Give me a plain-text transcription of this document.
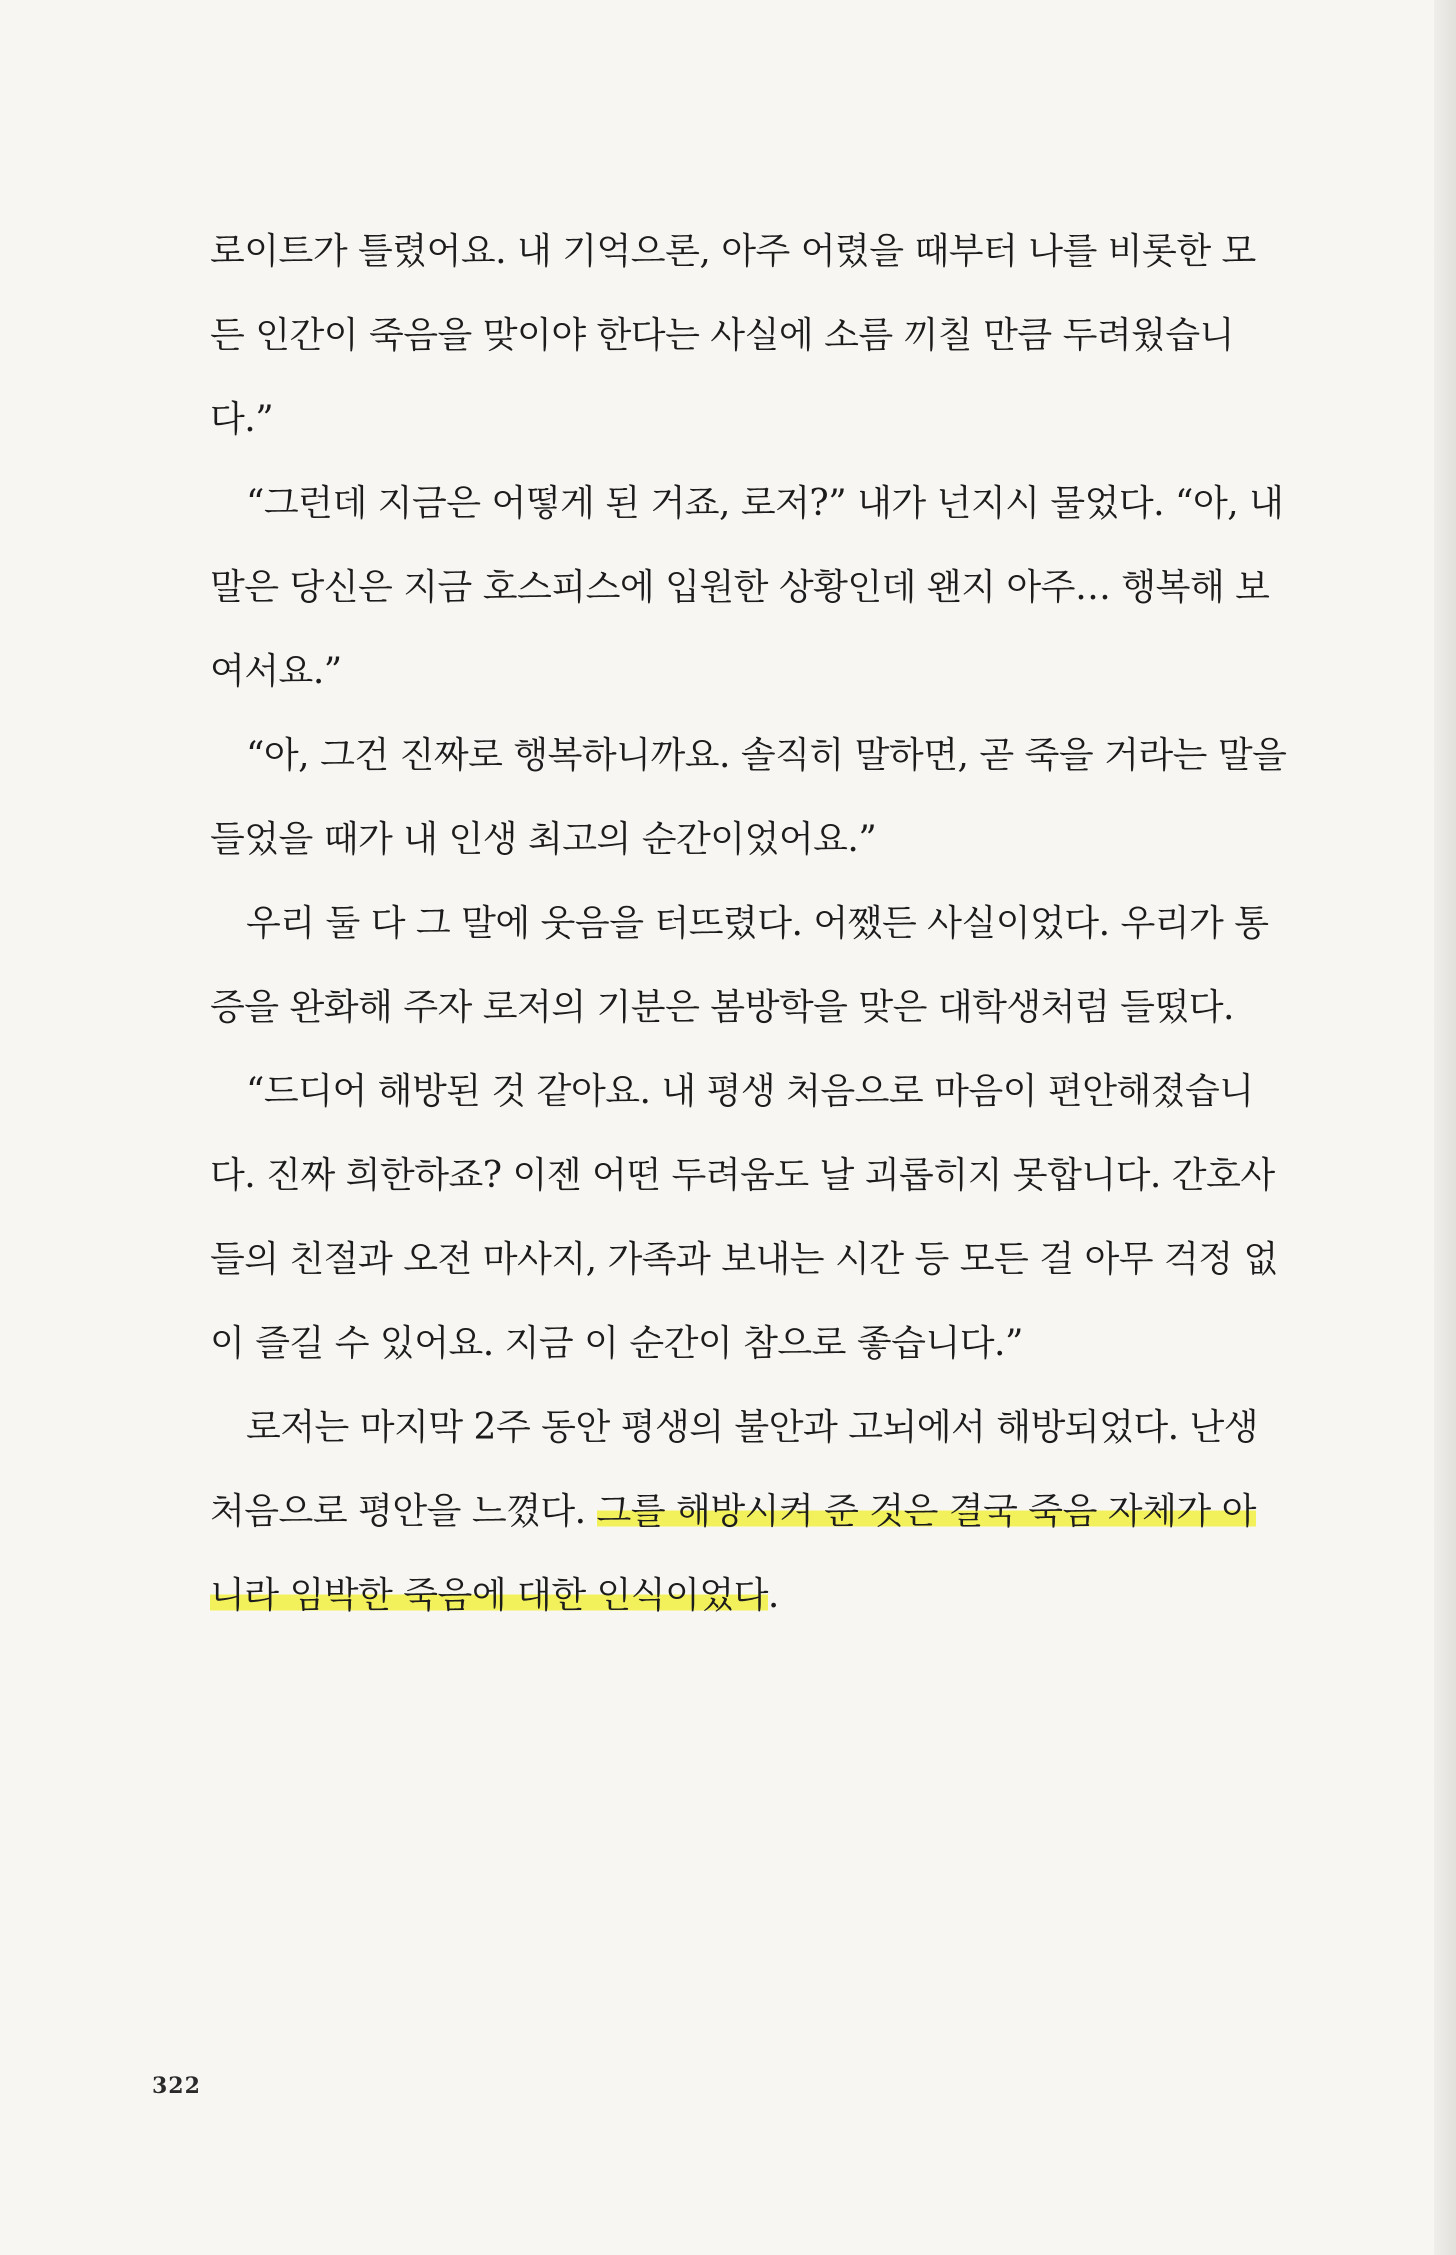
로이트가 틀렸어요. 내 기억으론, 아주 어렸을 때부터 나를 비롯한 모
든 인간이 죽음을 맞이야 한다는 사실에 소름 끼칠 만큼 두려웠습니
다.”
“그런데 지금은 어떻게 된 거죠, 로저?” 내가 넌지시 물었다. “아, 내
말은 당신은 지금 호스피스에 입원한 상황인데 왠지 아주… 행복해 보
여서요.”
“아, 그건 진짜로 행복하니까요. 솔직히 말하면, 곧 죽을 거라는 말을
들었을 때가 내 인생 최고의 순간이었어요.”
우리 둘 다 그 말에 웃음을 터뜨렸다. 어쨌든 사실이었다. 우리가 통
증을 완화해 주자 로저의 기분은 봄방학을 맞은 대학생처럼 들떴다.
“드디어 해방된 것 같아요. 내 평생 처음으로 마음이 편안해졌습니
다. 진짜 희한하죠? 이젠 어떤 두려움도 날 괴롭히지 못합니다. 간호사
들의 친절과 오전 마사지, 가족과 보내는 시간 등 모든 걸 아무 걱정 없
이 즐길 수 있어요. 지금 이 순간이 참으로 좋습니다.”
로저는 마지막 2주 동안 평생의 불안과 고뇌에서 해방되었다. 난생
처음으로 평안을 느꼈다. 그를 해방시켜 준 것은 결국 죽음 자체가 아
니라 임박한 죽음에 대한 인식이었다.
322
